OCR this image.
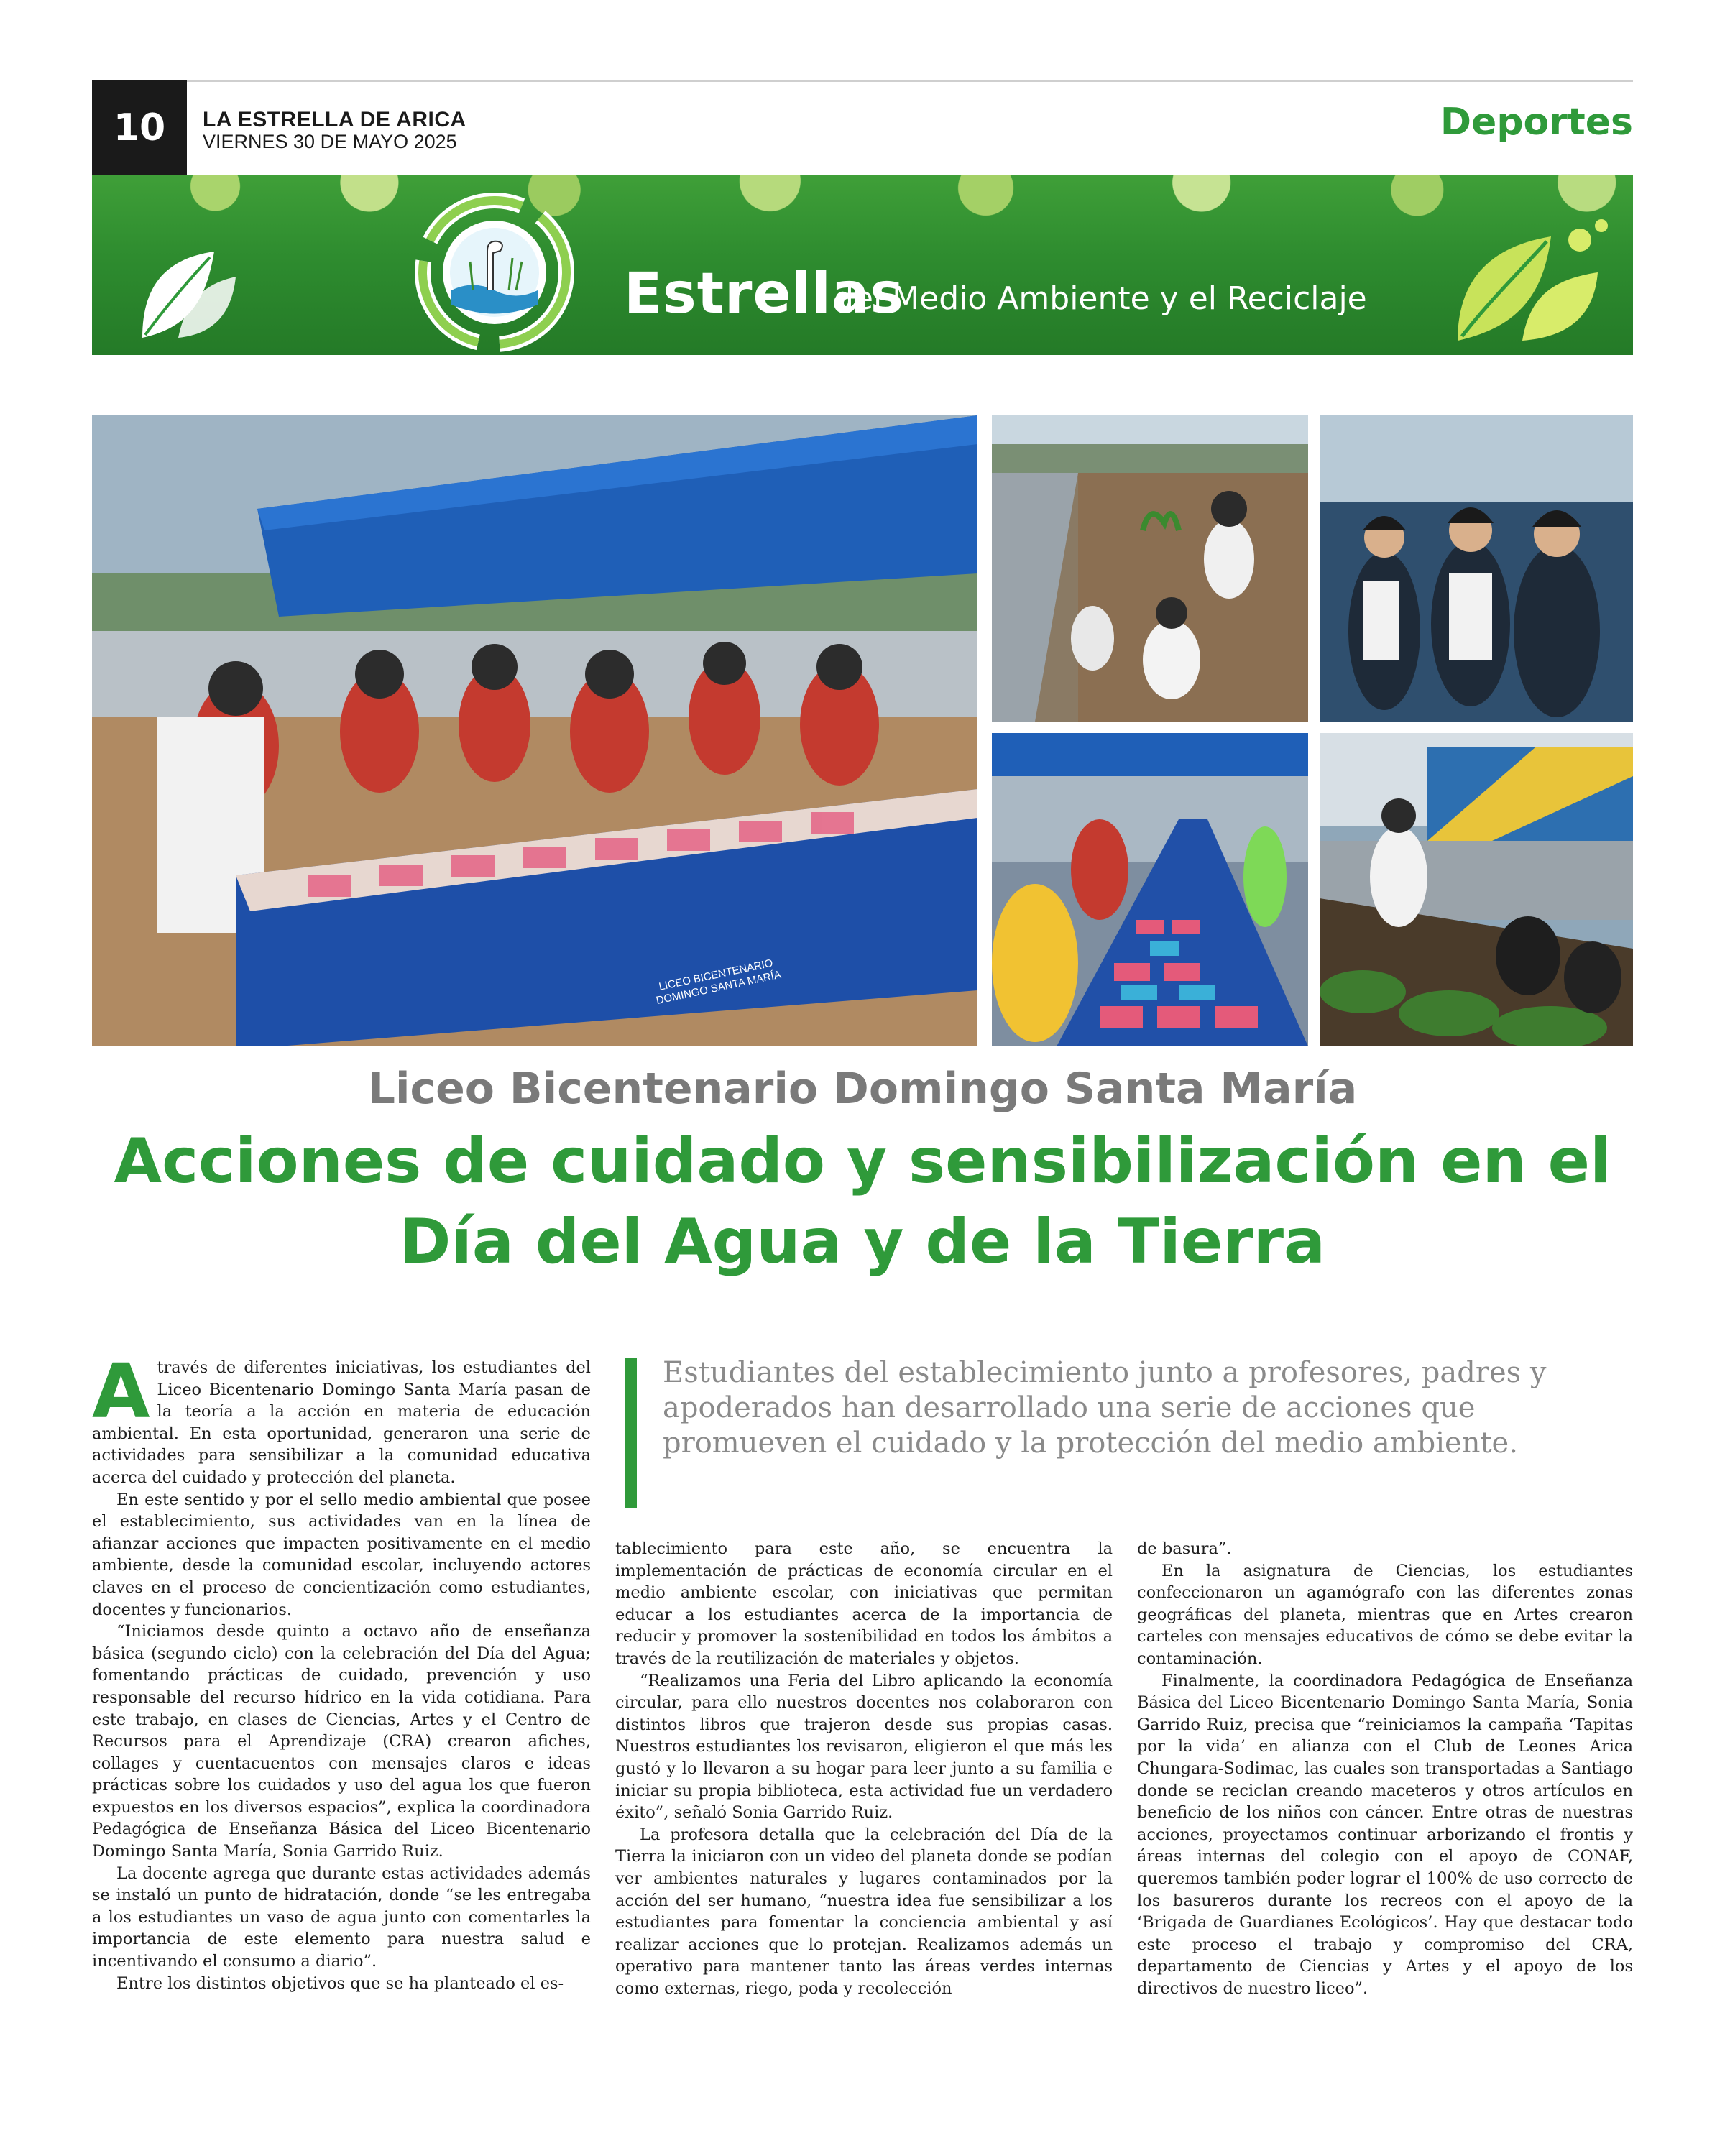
10	LA ESTRELLA DE ARICA
VIERNES 30 DE MAYO 2025	Deportes
Estrellas
del Medio Ambiente y el Reciclaje
LICEO BICENTENARIO DOMINGO SANTA MARÍA
Liceo Bicentenario Domingo Santa María
Acciones de cuidado y sensibilización en el
Día del Agua y de la Tierra
Estudiantes del establecimiento junto a profesores, padres y apoderados han desarrollado una serie de acciones que promueven el cuidado y la protección del medio ambiente.

Através de diferentes iniciativas, los estudiantes del Liceo Bicentenario Domingo Santa María pasan de la teoría a la acción en materia de educación ambiental. En esta oportunidad, generaron una serie de actividades para sensibilizar a la comunidad educativa acerca del cuidado y protección del planeta.

En este sentido y por el sello medio ambiental que posee el establecimiento, sus actividades van en la línea de afianzar acciones que impacten positivamente en el medio ambiente, desde la comunidad escolar, incluyendo actores claves en el proceso de concientización como estudiantes, docentes y funcionarios.

“Iniciamos desde quinto a octavo año de enseñanza básica (segundo ciclo) con la celebración del Día del Agua; fomentando prácticas de cuidado, prevención y uso responsable del recurso hídrico en la vida cotidiana. Para este trabajo, en clases de Ciencias, Artes y el Centro de Recursos para el Aprendizaje (CRA) crearon afiches, collages y cuentacuentos con mensajes claros e ideas prácticas sobre los cuidados y uso del agua los que fueron expuestos en los diversos espacios”, explica la coordinadora Pedagógica de Enseñanza Básica del Liceo Bicentenario Domingo Santa María, Sonia Garrido Ruiz.

La docente agrega que durante estas actividades además se instaló un punto de hidratación, donde “se les entregaba a los estudiantes un vaso de agua junto con comentarles la importancia de este elemento para nuestra salud e incentivando el consumo a diario”.

Entre los distintos objetivos que se ha planteado el es-

tablecimiento para este año, se encuentra la implementación de prácticas de economía circular en el medio ambiente escolar, con iniciativas que permitan educar a los estudiantes acerca de la importancia de reducir y promover la sostenibilidad en todos los ámbitos a través de la reutilización de materiales y objetos.

“Realizamos una Feria del Libro aplicando la economía circular, para ello nuestros docentes nos colaboraron con distintos libros que trajeron desde sus propias casas. Nuestros estudiantes los revisaron, eligieron el que más les gustó y lo llevaron a su hogar para leer junto a su familia e iniciar su propia biblioteca, esta actividad fue un verdadero éxito”, señaló Sonia Garrido Ruiz.

La profesora detalla que la celebración del Día de la Tierra la iniciaron con un video del planeta donde se podían ver ambientes naturales y lugares contaminados por la acción del ser humano, “nuestra idea fue sensibilizar a los estudiantes para fomentar la conciencia ambiental y así realizar acciones que lo protejan. Realizamos además un operativo para mantener tanto las áreas verdes internas como externas, riego, poda y recolección

de basura”.

En la asignatura de Ciencias, los estudiantes confeccionaron un agamógrafo con las diferentes zonas geográficas del planeta, mientras que en Artes crearon carteles con mensajes educativos de cómo se debe evitar la contaminación.

Finalmente, la coordinadora Pedagógica de Enseñanza Básica del Liceo Bicentenario Domingo Santa María, Sonia Garrido Ruiz, precisa que “reiniciamos la campaña ‘Tapitas por la vida’ en alianza con el Club de Leones Arica Chungara-Sodimac, las cuales son transportadas a Santiago donde se reciclan creando maceteros y otros artículos en beneficio de los niños con cáncer. Entre otras de nuestras acciones, proyectamos continuar arborizando el frontis y áreas internas del colegio con el apoyo de CONAF, queremos también poder lograr el 100% de uso correcto de los basureros durante los recreos con el apoyo de la ‘Brigada de Guardianes Ecológicos’. Hay que destacar todo este proceso el trabajo y compromiso del CRA, departamento de Ciencias y Artes y el apoyo de los directivos de nuestro liceo”.
